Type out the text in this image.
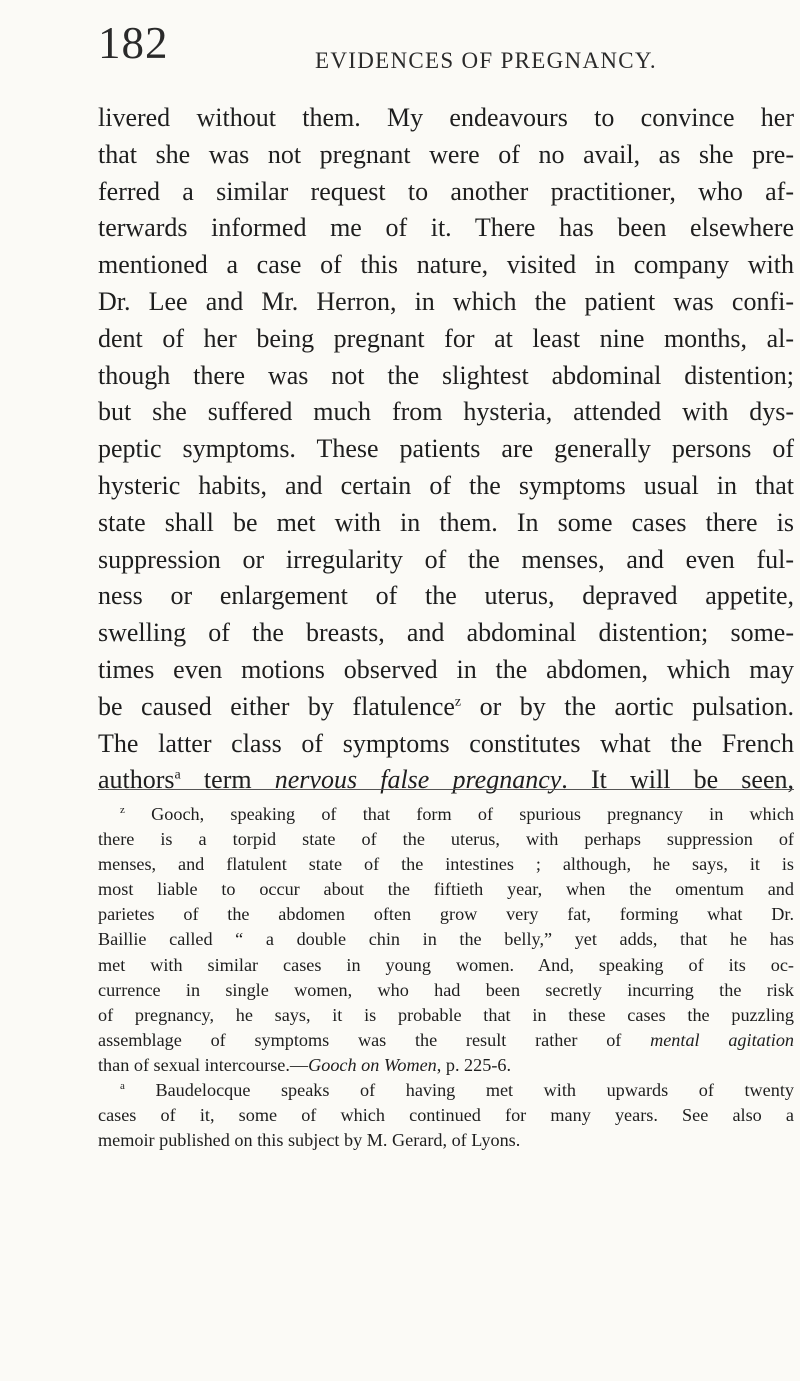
182	EVIDENCES OF PREGNANCY.
livered without them. My endeavours to convince her
that she was not pregnant were of no avail, as she pre-
ferred a similar request to another practitioner, who af-
terwards informed me of it. There has been elsewhere
mentioned a case of this nature, visited in company with
Dr. Lee and Mr. Herron, in which the patient was confi-
dent of her being pregnant for at least nine months, al-
though there was not the slightest abdominal distention;
but she suffered much from hysteria, attended with dys-
peptic symptoms. These patients are generally persons of
hysteric habits, and certain of the symptoms usual in that
state shall be met with in them. In some cases there is
suppression or irregularity of the menses, and even ful-
ness or enlargement of the uterus, depraved appetite,
swelling of the breasts, and abdominal distention; some-
times even motions observed in the abdomen, which may
be caused either by flatulence$^z$ or by the aortic pulsation.
The latter class of symptoms constitutes what the French
authors$^a$ term nervous false pregnancy. It will be seen,
$^z$ Gooch, speaking of that form of spurious pregnancy in which
there is a torpid state of the uterus, with perhaps suppression of
menses, and flatulent state of the intestines ; although, he says, it is
most liable to occur about the fiftieth year, when the omentum and
parietes of the abdomen often grow very fat, forming what Dr.
Baillie called “ a double chin in the belly,” yet adds, that he has
met with similar cases in young women. And, speaking of its oc-
currence in single women, who had been secretly incurring the risk
of pregnancy, he says, it is probable that in these cases the puzzling
assemblage of symptoms was the result rather of mental agitation
than of sexual intercourse.—Gooch on Women, p. 225-6.
$^a$ Baudelocque speaks of having met with upwards of twenty
cases of it, some of which continued for many years. See also a
memoir published on this subject by M. Gerard, of Lyons.
